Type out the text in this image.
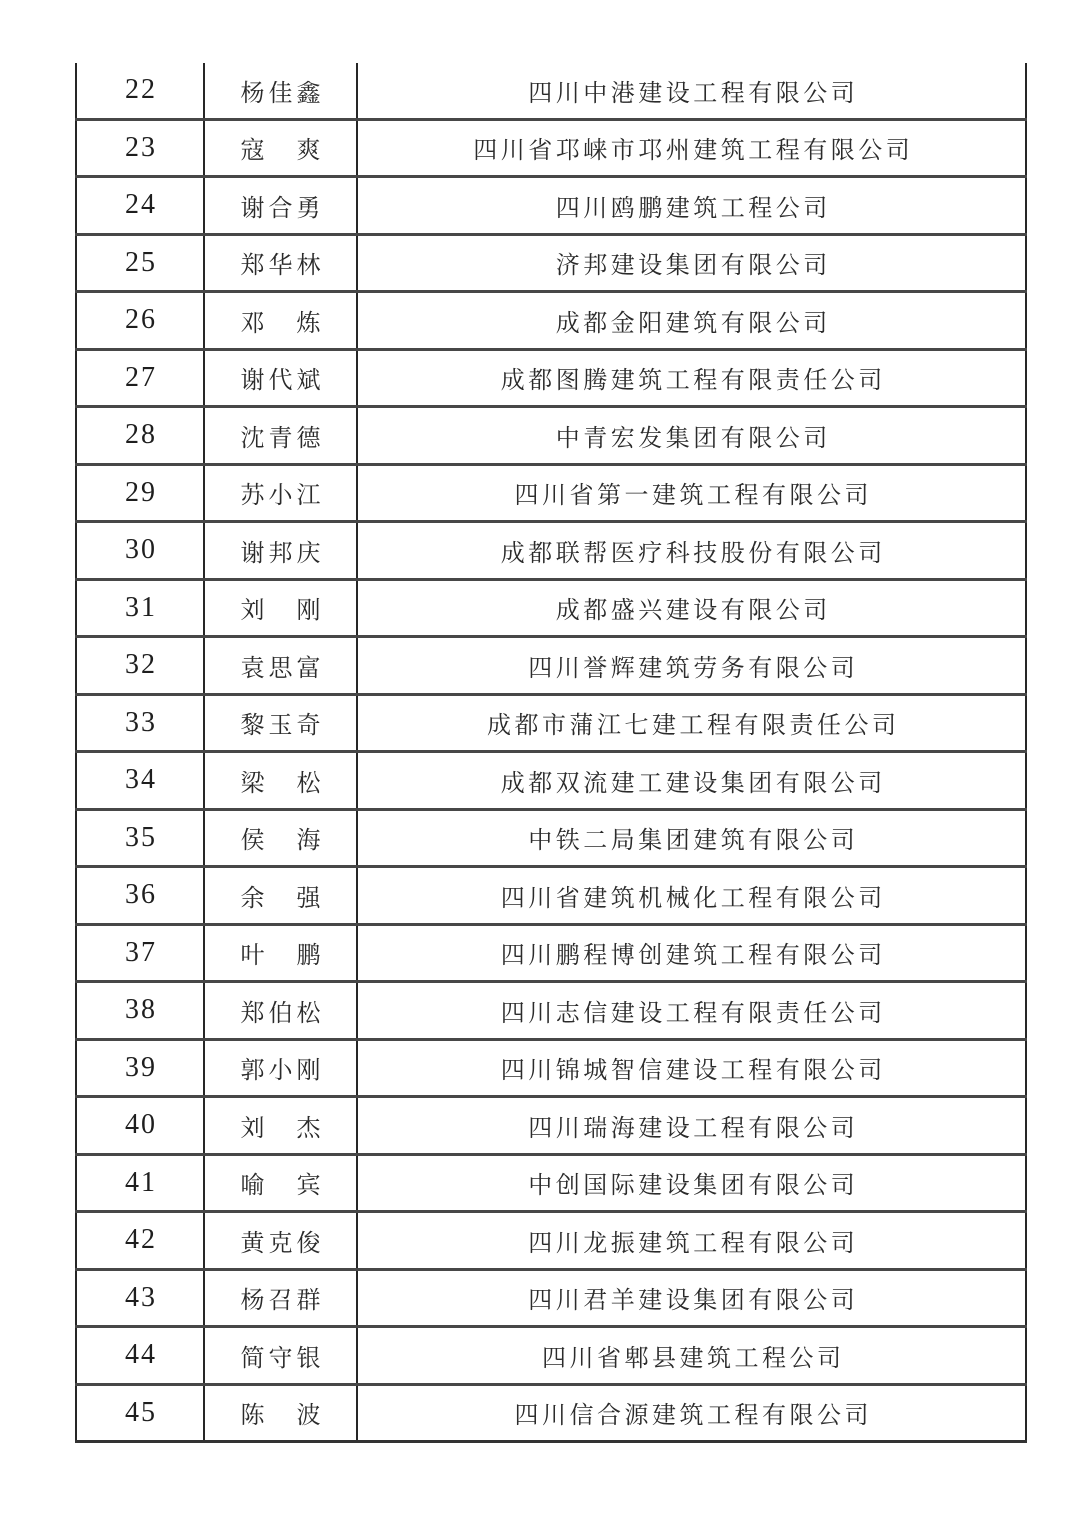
22	杨佳鑫	四川中港建设工程有限公司
23	寇　爽	四川省邛崃市邛州建筑工程有限公司
24	谢合勇	四川鸥鹏建筑工程公司
25	郑华林	济邦建设集团有限公司
26	邓　炼	成都金阳建筑有限公司
27	谢代斌	成都图腾建筑工程有限责任公司
28	沈青德	中青宏发集团有限公司
29	苏小江	四川省第一建筑工程有限公司
30	谢邦庆	成都联帮医疗科技股份有限公司
31	刘　刚	成都盛兴建设有限公司
32	袁思富	四川誉辉建筑劳务有限公司
33	黎玉奇	成都市蒲江七建工程有限责任公司
34	梁　松	成都双流建工建设集团有限公司
35	侯　海	中铁二局集团建筑有限公司
36	余　强	四川省建筑机械化工程有限公司
37	叶　鹏	四川鹏程博创建筑工程有限公司
38	郑伯松	四川志信建设工程有限责任公司
39	郭小刚	四川锦城智信建设工程有限公司
40	刘　杰	四川瑞海建设工程有限公司
41	喻　宾	中创国际建设集团有限公司
42	黄克俊	四川龙振建筑工程有限公司
43	杨召群	四川君羊建设集团有限公司
44	简守银	四川省郫县建筑工程公司
45	陈　波	四川信合源建筑工程有限公司
